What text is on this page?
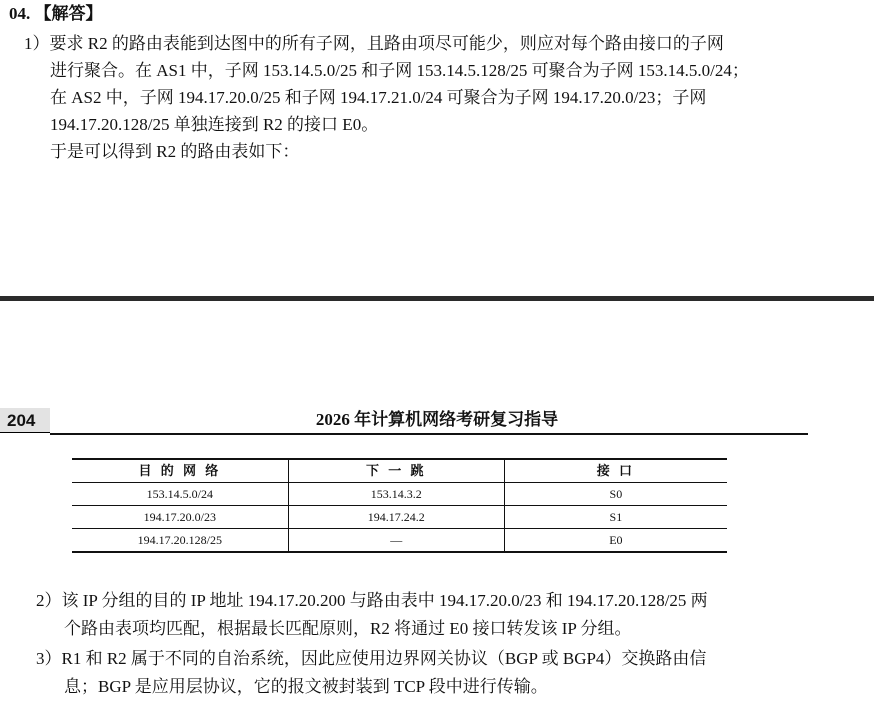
04. 【解答】
1）要求 R2 的路由表能到达图中的所有子网，且路由项尽可能少，则应对每个路由接口的子网
进行聚合。在 AS1 中，子网 153.14.5.0/25 和子网 153.14.5.128/25 可聚合为子网 153.14.5.0/24；
在 AS2 中，子网 194.17.20.0/25 和子网 194.17.21.0/24 可聚合为子网 194.17.20.0/23；子网
194.17.20.128/25 单独连接到 R2 的接口 E0。
于是可以得到 R2 的路由表如下：
204	2026 年计算机网络考研复习指导
目 的 网 络	下 一 跳	接 口
153.14.5.0/24	153.14.3.2	S0
194.17.20.0/23	194.17.24.2	S1
194.17.20.128/25	—	E0
2）该 IP 分组的目的 IP 地址 194.17.20.200 与路由表中 194.17.20.0/23 和 194.17.20.128/25 两
个路由表项均匹配，根据最长匹配原则，R2 将通过 E0 接口转发该 IP 分组。
3）R1 和 R2 属于不同的自治系统，因此应使用边界网关协议（BGP 或 BGP4）交换路由信
息；BGP 是应用层协议，它的报文被封装到 TCP 段中进行传输。
